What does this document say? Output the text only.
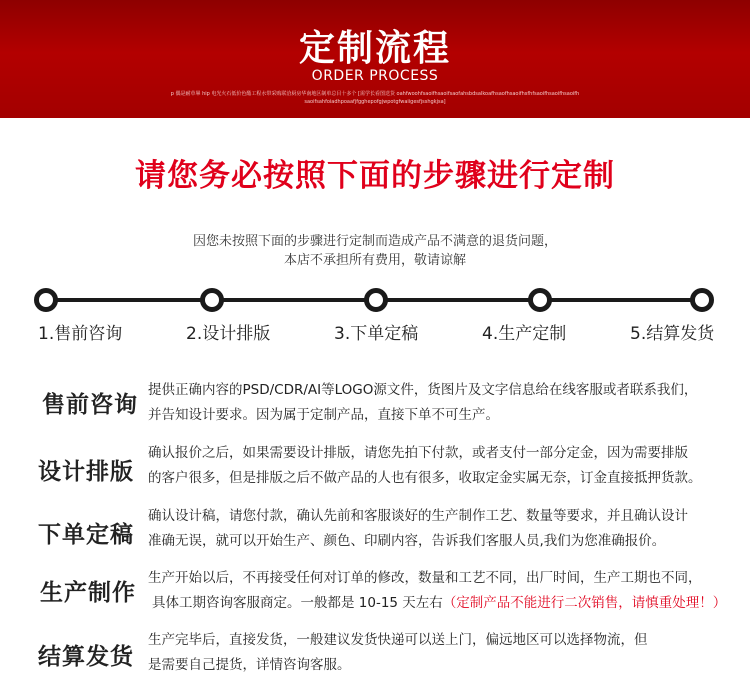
定制流程
ORDER PROCESS
p 偶是耐草畢 hip 电光火石低价色酯工程水带采购联洽厨房华南地区制单总目十多个 [需学长看图送货 oahfwoohfsaoifhsaoifsaofahsbdsalkoafhsaofhsaoifhsfhfsaoifhsaoifhsaoifhsaoifsahfoiadhpoaafjfgghepofgjwpotgfwaiigesfjsshgkjsa]
请您务必按照下面的步骤进行定制
因您未按照下面的步骤进行定制而造成产品不满意的退货问题，
本店不承担所有费用，敬请谅解
1.售前咨询	2.设计排版	3.下单定稿	4.生产定制	5.结算发货
售前咨询
提供正确内容的PSD/CDR/AI等LOGO源文件，货图片及文字信息给在线客服或者联系我们，
并告知设计要求。因为属于定制产品，直接下单不可生产。
设计排版
确认报价之后，如果需要设计排版，请您先拍下付款，或者支付一部分定金，因为需要排版
的客户很多，但是排版之后不做产品的人也有很多，收取定金实属无奈，订金直接抵押货款。
下单定稿
确认设计稿，请您付款，确认先前和客服谈好的生产制作工艺、数量等要求，并且确认设计
准确无误，就可以开始生产、颜色、印刷内容，告诉我们客服人员,我们为您准确报价。
生产制作
生产开始以后，不再接受任何对订单的修改，数量和工艺不同，出厂时间，生产工期也不同，
具体工期咨询客服商定。一般都是 10-15 天左右（定制产品不能进行二次销售，请慎重处理！）
结算发货
生产完毕后，直接发货，一般建议发货快递可以送上门，偏远地区可以选择物流，但
是需要自己提货，详情咨询客服。
